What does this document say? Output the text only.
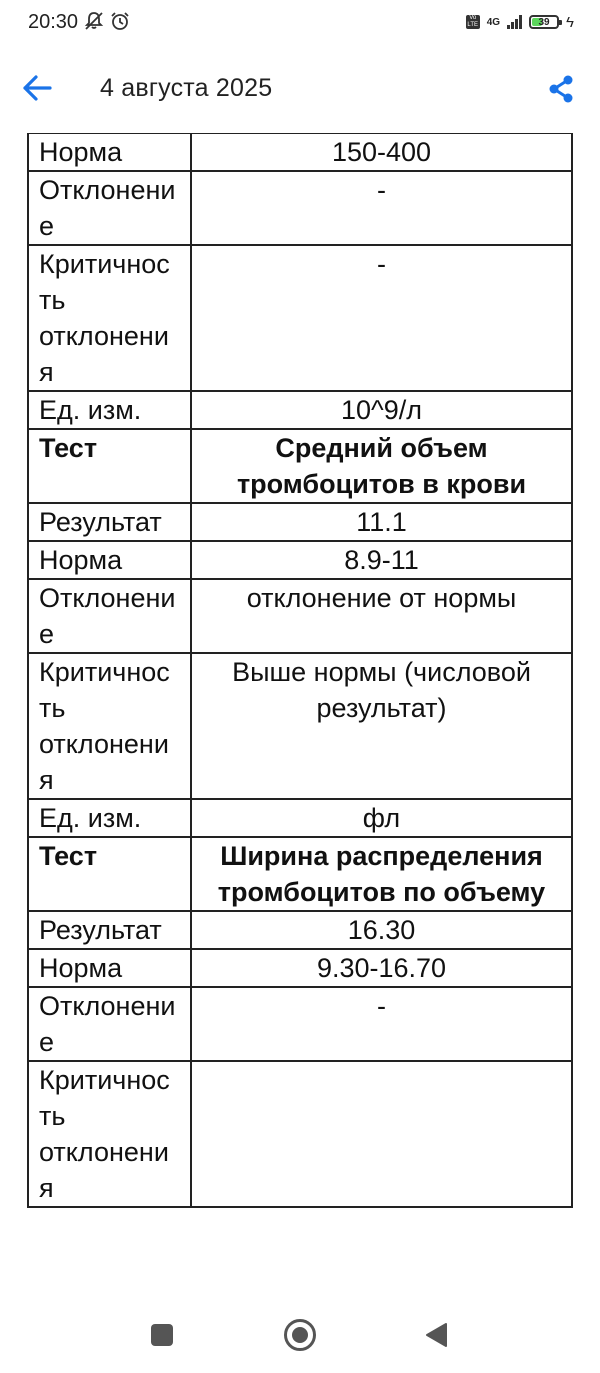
20:30	Vo
LTE 4G	39 ϟ
4 августа 2025
Норма	150-400
Отклонение	-
Критичность отклонения	-
Ед. изм.	10^9/л
Тест	Средний объем тромбоцитов в крови
Результат	11.1
Норма	8.9-11
Отклонение	отклонение от нормы
Критичность отклонения	Выше нормы (числовой результат)
Ед. изм.	фл
Тест	Ширина распределения тромбоцитов по объему
Результат	16.30
Норма	9.30-16.70
Отклонение	-
Критичность отклонения	
